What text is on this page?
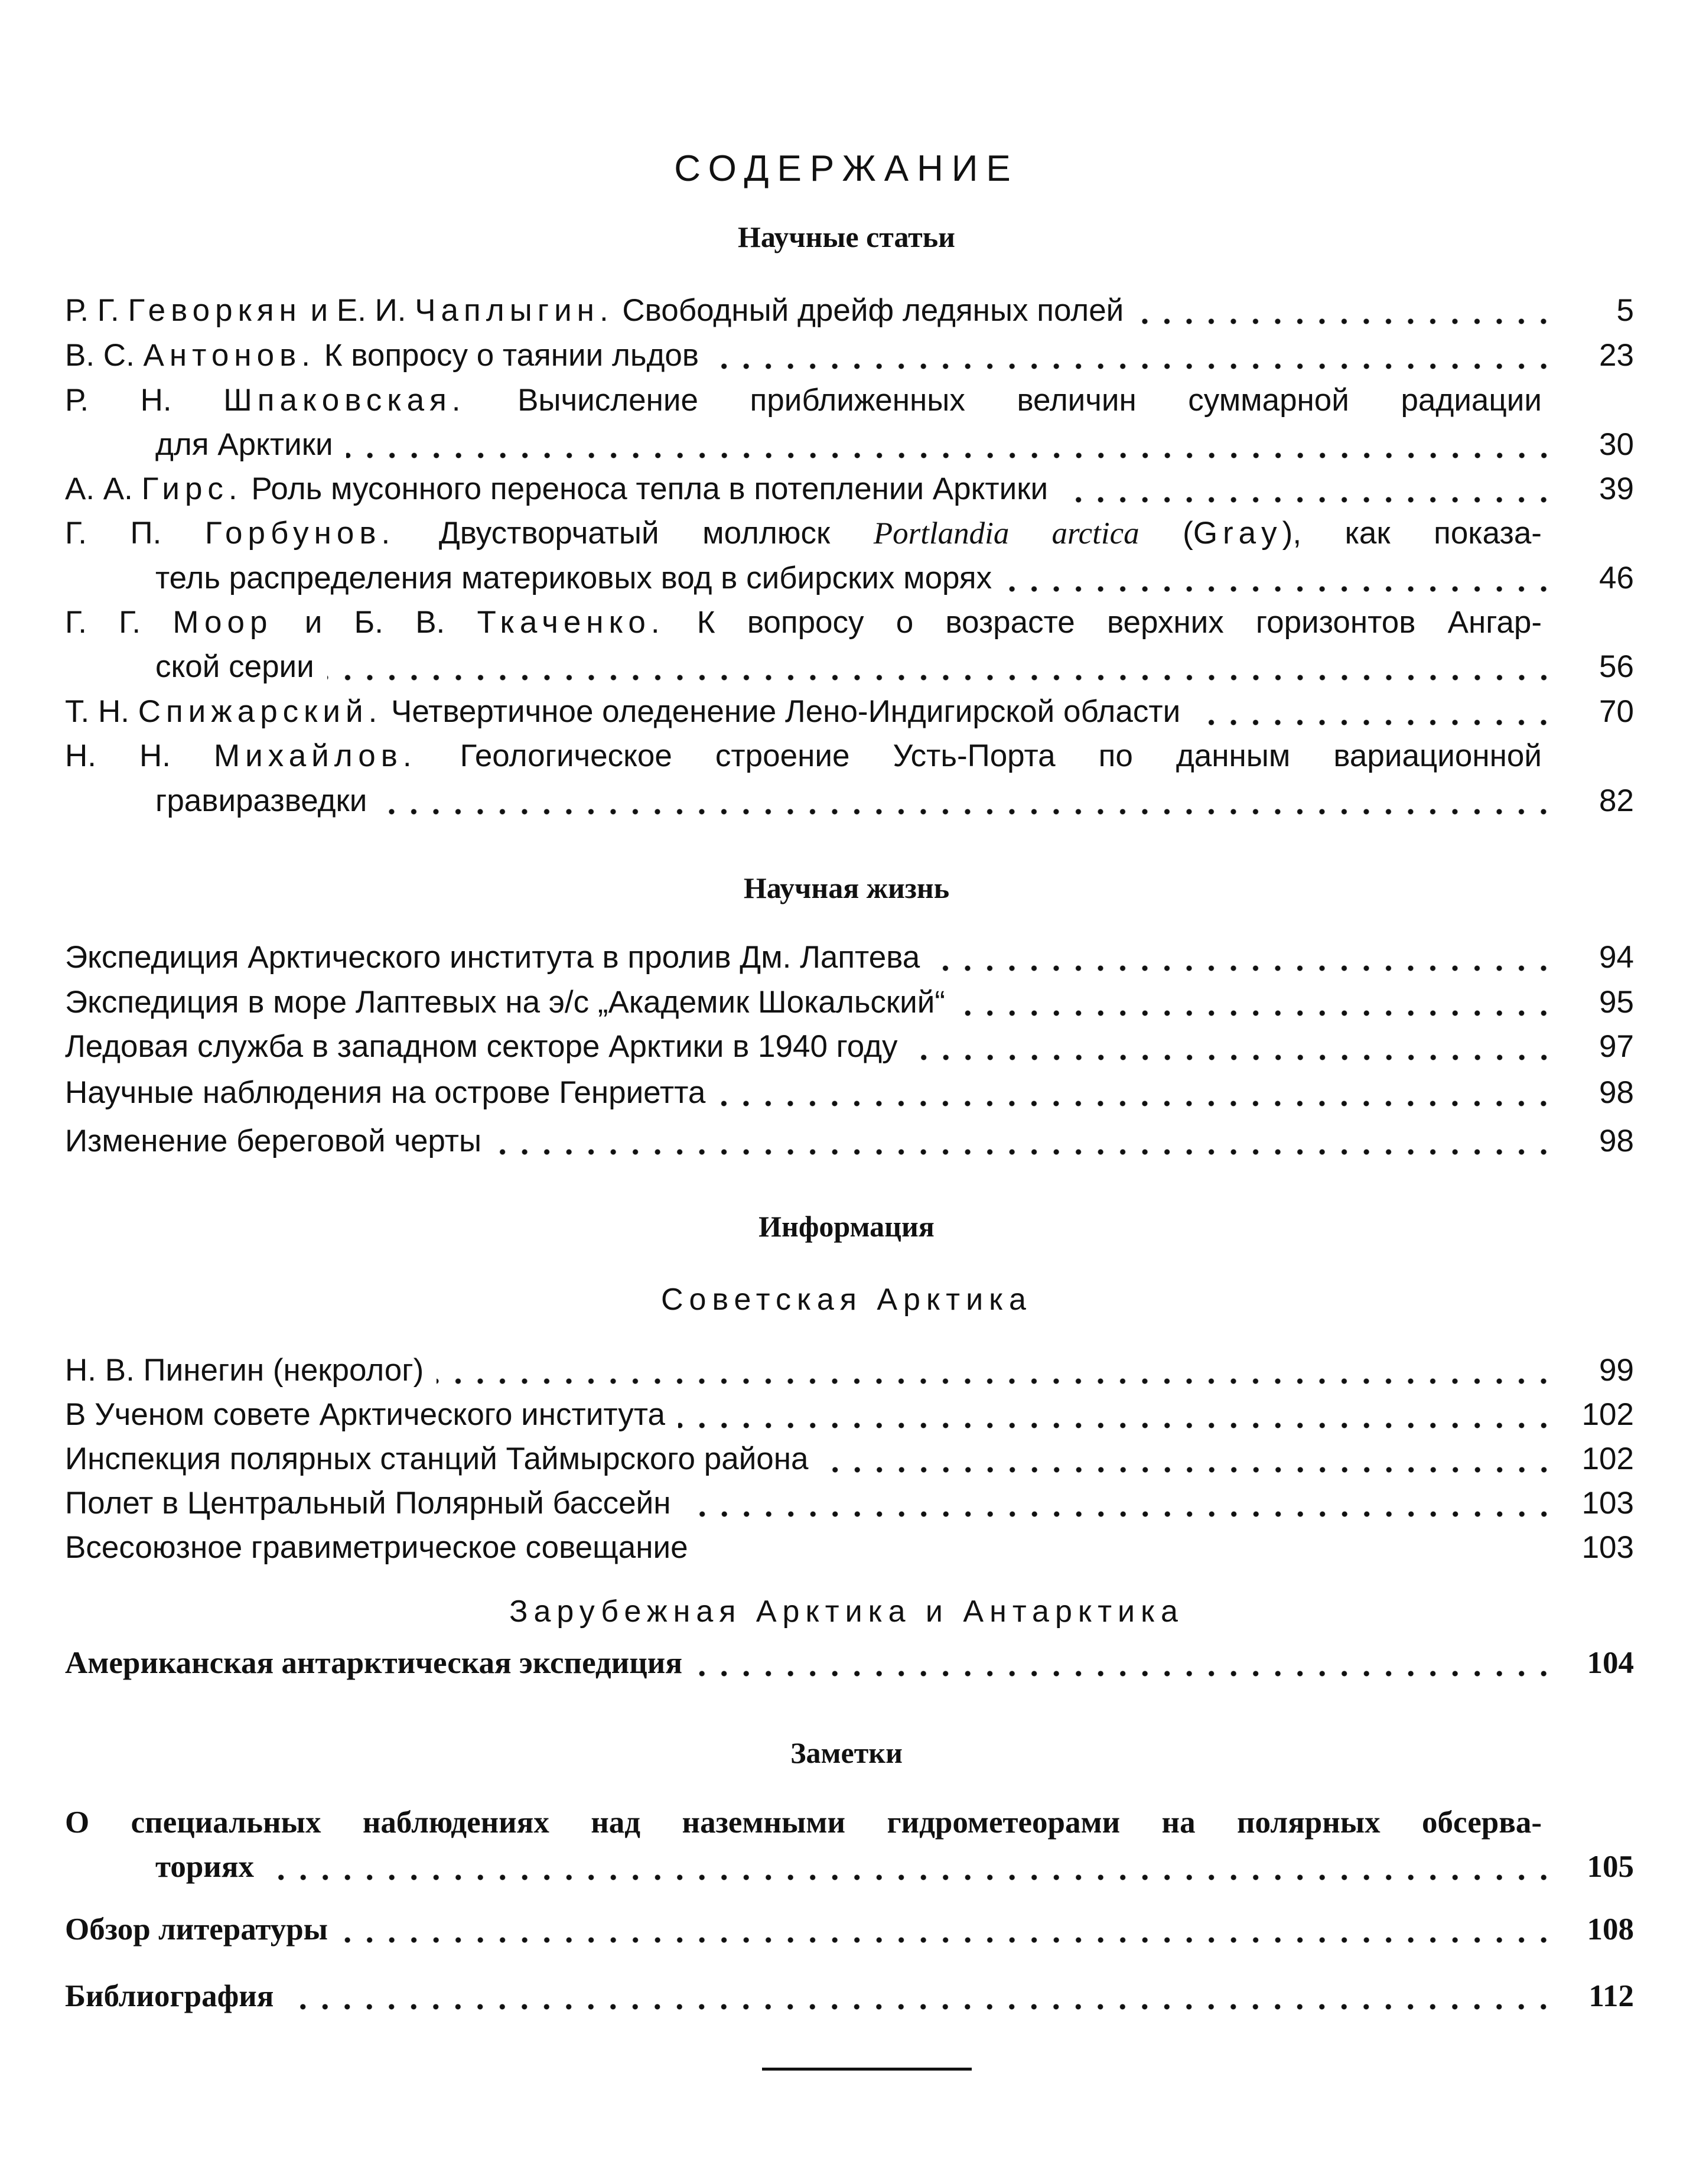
СОДЕРЖАНИЕ
Научные статьи
Р. Г. Геворкян и Е. И. Чаплыгин. Свободный дрейф ледяных полей	5
В. С. Антонов. К вопросу о таянии льдов	23
Р. Н. Шпаковская. Вычисление приближенных величин суммарной радиации
для Арктики	30
А. А. Гирс. Роль мусонного переноса тепла в потеплении Арктики	39
Г. П. Горбунов. Двустворчатый моллюск Portlandia arctica (Gray), как показа-
тель распределения материковых вод в сибирских морях	46
Г. Г. Моор и Б. В. Ткаченко. К вопросу о возрасте верхних горизонтов Ангар-
ской серии	56
Т. Н. Спижарский. Четвертичное оледенение Лено-Индигирской области	70
Н. Н. Михайлов. Геологическое строение Усть-Порта по данным вариационной
гравиразведки	82
Научная жизнь
Экспедиция Арктического института в пролив Дм. Лаптева	94
Экспедиция в море Лаптевых на э/с „Академик Шокальский“	95
Ледовая служба в западном секторе Арктики в 1940 году	97
Научные наблюдения на острове Генриетта	98
Изменение береговой черты	98
Информация
Советская Арктика
Н. В. Пинегин (некролог)	99
В Ученом совете Арктического института	102
Инспекция полярных станций Таймырского района	102
Полет в Центральный Полярный бассейн	103
Всесоюзное гравиметрическое совещание	103
Зарубежная Арктика и Антарктика
Американская антарктическая экспедиция	104
Заметки
О специальных наблюдениях над наземными гидрометеорами на полярных обсерва-
ториях	105
Обзор литературы	108
Библиография	112
